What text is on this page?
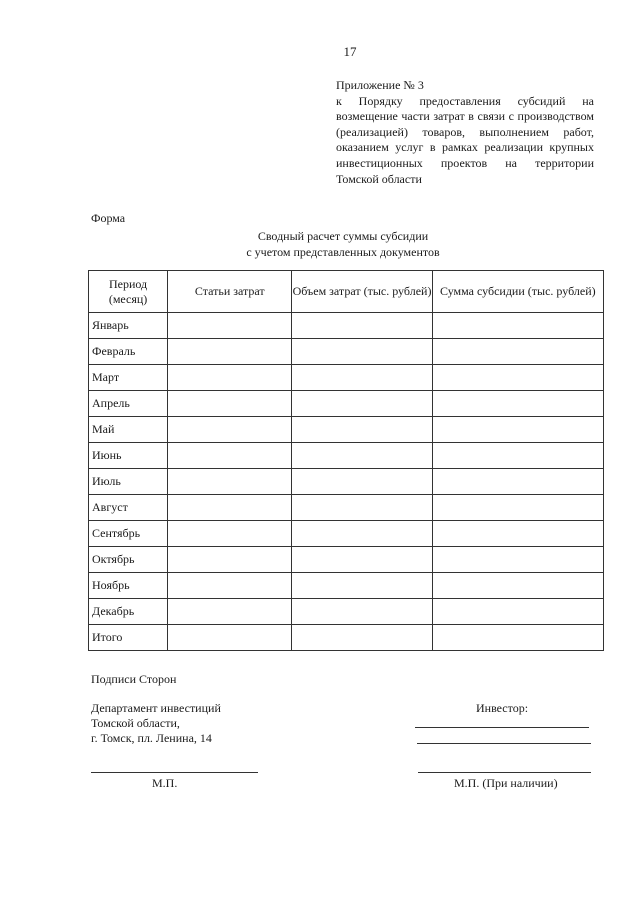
17
Приложение № 3
к Порядку предоставления субсидий на возмещение части затрат в связи с производством (реализацией) товаров, выполнением работ, оказанием услуг в рамках реализации крупных инвестиционных проектов на территории Томской области
Форма
Сводный расчет суммы субсидии
с учетом представленных документов
Период (месяц)	Статьи затрат	Объем затрат (тыс. рублей)	Сумма субсидии (тыс. рублей)
Январь			
Февраль			
Март			
Апрель			
Май			
Июнь			
Июль			
Август			
Сентябрь			
Октябрь			
Ноябрь			
Декабрь			
Итого			
Подписи Сторон
Департамент инвестиций
Томской области,
г. Томск, пл. Ленина, 14
Инвестор:
М.П.	М.П. (При наличии)
